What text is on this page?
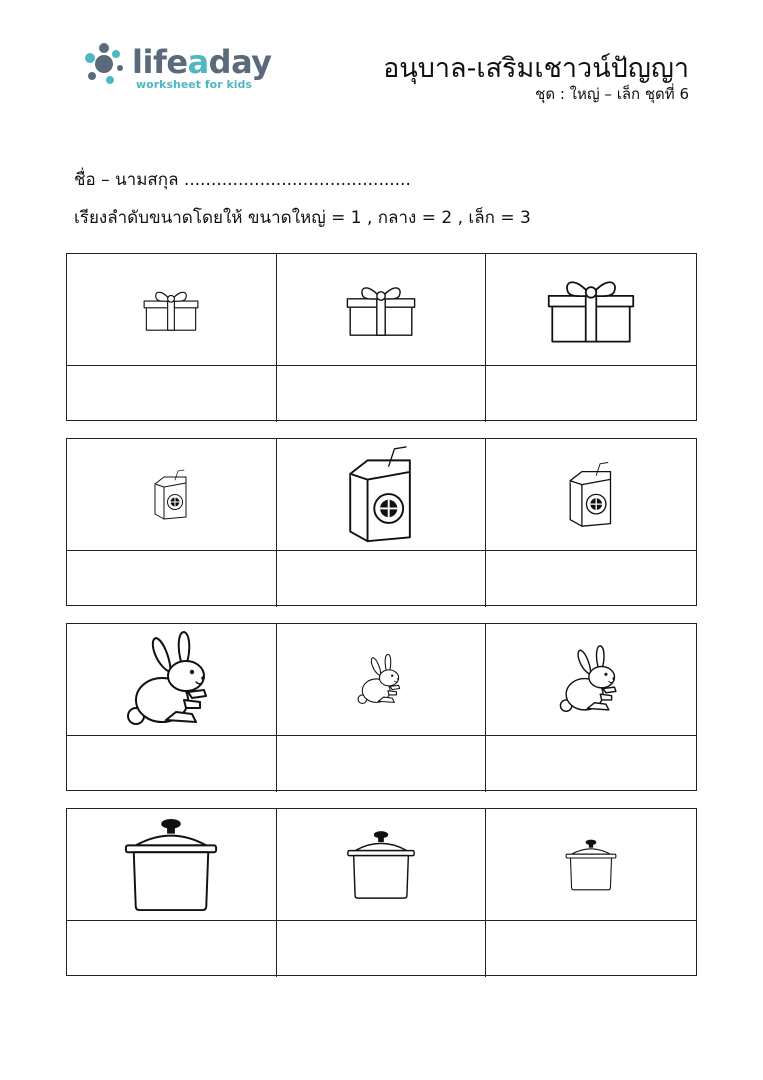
lifeaday
worksheet for kids
อนุบาล-เสริมเชาวน์ปัญญา
ชุด : ใหญ่ – เล็ก ชุดที่ 6
ชื่อ – นามสกุล ..........................................
เรียงลำดับขนาดโดยให้ ขนาดใหญ่ = 1 , กลาง = 2 , เล็ก = 3
